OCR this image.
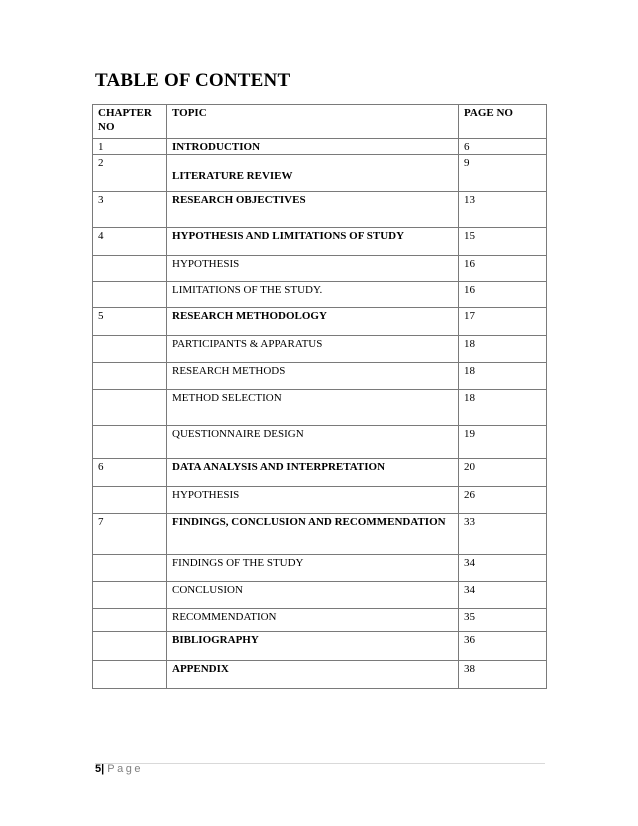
TABLE OF CONTENT
CHAPTER NO	TOPIC	PAGE NO
1	INTRODUCTION	6
2	LITERATURE REVIEW	9
3	RESEARCH OBJECTIVES	13
4	HYPOTHESIS AND LIMITATIONS OF STUDY	15
	HYPOTHESIS	16
	LIMITATIONS OF THE STUDY.	16
5	RESEARCH METHODOLOGY	17
	PARTICIPANTS & APPARATUS	18
	RESEARCH METHODS	18
	METHOD SELECTION	18
	QUESTIONNAIRE DESIGN	19
6	DATA ANALYSIS AND INTERPRETATION	20
	HYPOTHESIS	26
7	FINDINGS, CONCLUSION AND RECOMMENDATION	33
	FINDINGS OF THE STUDY	34
	CONCLUSION	34
	RECOMMENDATION	35
	BIBLIOGRAPHY	36
	APPENDIX	38
5| Page
